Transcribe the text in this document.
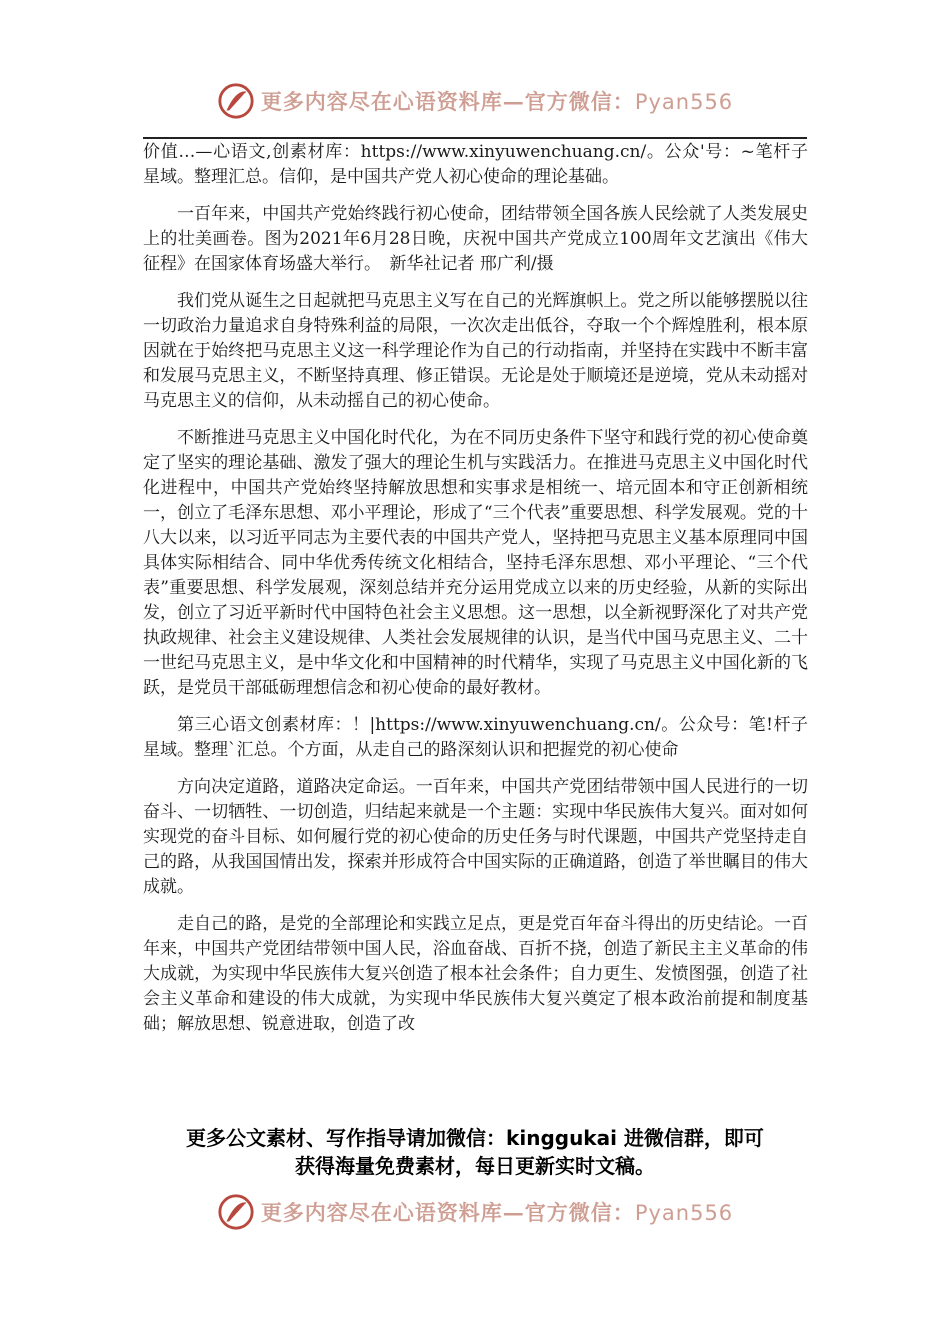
更多内容尽在心语资料库—官方微信：Pyan556

价值…—心语文,创素材库：https://www.xinyuwenchuang.cn/。公众'号：~笔杆子星域。整理汇总。信仰，是中国共产党人初心使命的理论基础。

一百年来，中国共产党始终践行初心使命，团结带领全国各族人民绘就了人类发展史上的壮美画卷。图为2021年6月28日晚，庆祝中国共产党成立100周年文艺演出《伟大征程》在国家体育场盛大举行。　新华社记者 邢广利/摄

我们党从诞生之日起就把马克思主义写在自己的光辉旗帜上。党之所以能够摆脱以往一切政治力量追求自身特殊利益的局限，一次次走出低谷，夺取一个个辉煌胜利，根本原因就在于始终把马克思主义这一科学理论作为自己的行动指南，并坚持在实践中不断丰富和发展马克思主义，不断坚持真理、修正错误。无论是处于顺境还是逆境，党从未动摇对马克思主义的信仰，从未动摇自己的初心使命。

不断推进马克思主义中国化时代化，为在不同历史条件下坚守和践行党的初心使命奠定了坚实的理论基础、激发了强大的理论生机与实践活力。在推进马克思主义中国化时代化进程中，中国共产党始终坚持解放思想和实事求是相统一、培元固本和守正创新相统一，创立了毛泽东思想、邓小平理论，形成了“三个代表”重要思想、科学发展观。党的十八大以来，以习近平同志为主要代表的中国共产党人，坚持把马克思主义基本原理同中国具体实际相结合、同中华优秀传统文化相结合，坚持毛泽东思想、邓小平理论、“三个代表”重要思想、科学发展观，深刻总结并充分运用党成立以来的历史经验，从新的实际出发，创立了习近平新时代中国特色社会主义思想。这一思想，以全新视野深化了对共产党执政规律、社会主义建设规律、人类社会发展规律的认识，是当代中国马克思主义、二十一世纪马克思主义，是中华文化和中国精神的时代精华，实现了马克思主义中国化新的飞跃，是党员干部砥砺理想信念和初心使命的最好教材。

第三心语文创素材库：！|https://www.xinyuwenchuang.cn/。公众号：笔!杆子星域。整理`汇总。个方面，从走自己的路深刻认识和把握党的初心使命

方向决定道路，道路决定命运。一百年来，中国共产党团结带领中国人民进行的一切奋斗、一切牺牲、一切创造，归结起来就是一个主题：实现中华民族伟大复兴。面对如何实现党的奋斗目标、如何履行党的初心使命的历史任务与时代课题，中国共产党坚持走自己的路，从我国国情出发，探索并形成符合中国实际的正确道路，创造了举世瞩目的伟大成就。

走自己的路，是党的全部理论和实践立足点，更是党百年奋斗得出的历史结论。一百年来，中国共产党团结带领中国人民，浴血奋战、百折不挠，创造了新民主主义革命的伟大成就，为实现中华民族伟大复兴创造了根本社会条件；自力更生、发愤图强，创造了社会主义革命和建设的伟大成就，为实现中华民族伟大复兴奠定了根本政治前提和制度基础；解放思想、锐意进取，创造了改

更多公文素材、写作指导请加微信：kinggukai 进微信群，即可
获得海量免费素材，每日更新实时文稿。
更多内容尽在心语资料库—官方微信：Pyan556
